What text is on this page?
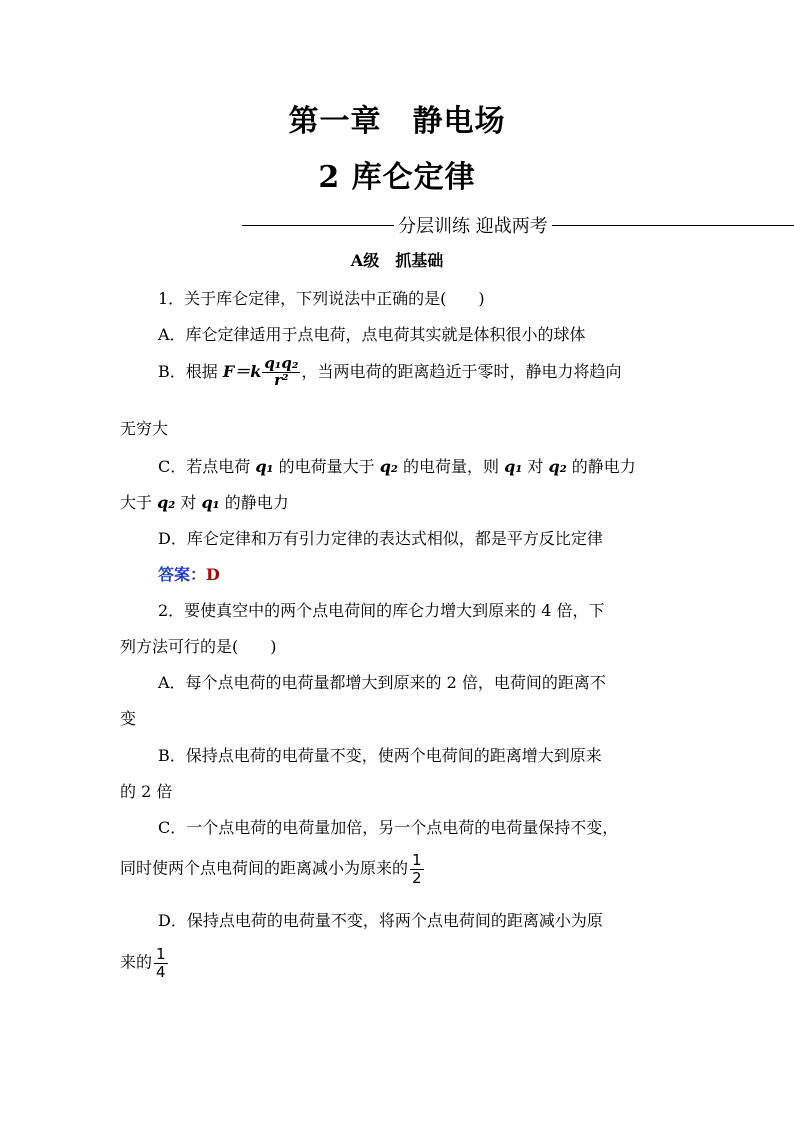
第一章　静电场
2 库仑定律
分层训练 迎战两考
A级　抓基础
1．关于库仑定律，下列说法中正确的是(　　)
A．库仑定律适用于点电荷，点电荷其实就是体积很小的球体
B．根据 $F=k \frac{\text{q₁q₂}}{\text{r²}}$ ，当两电荷的距离趋近于零时，静电力将趋向
无穷大
C．若点电荷 q₁ 的电荷量大于 q₂ 的电荷量，则 q₁ 对 q₂ 的静电力
大于 q₂ 对 q₁ 的静电力
D．库仑定律和万有引力定律的表达式相似，都是平方反比定律
答案：D
2．要使真空中的两个点电荷间的库仑力增大到原来的 4 倍，下
列方法可行的是(　　)
A．每个点电荷的电荷量都增大到原来的 2 倍，电荷间的距离不
变
B．保持点电荷的电荷量不变，使两个电荷间的距离增大到原来
的 2 倍
C．一个点电荷的电荷量加倍，另一个点电荷的电荷量保持不变，
同时使两个点电荷间的距离减小为原来的 $\frac{1}{2}$
D．保持点电荷的电荷量不变，将两个点电荷间的距离减小为原
来的 $\frac{1}{4}$
